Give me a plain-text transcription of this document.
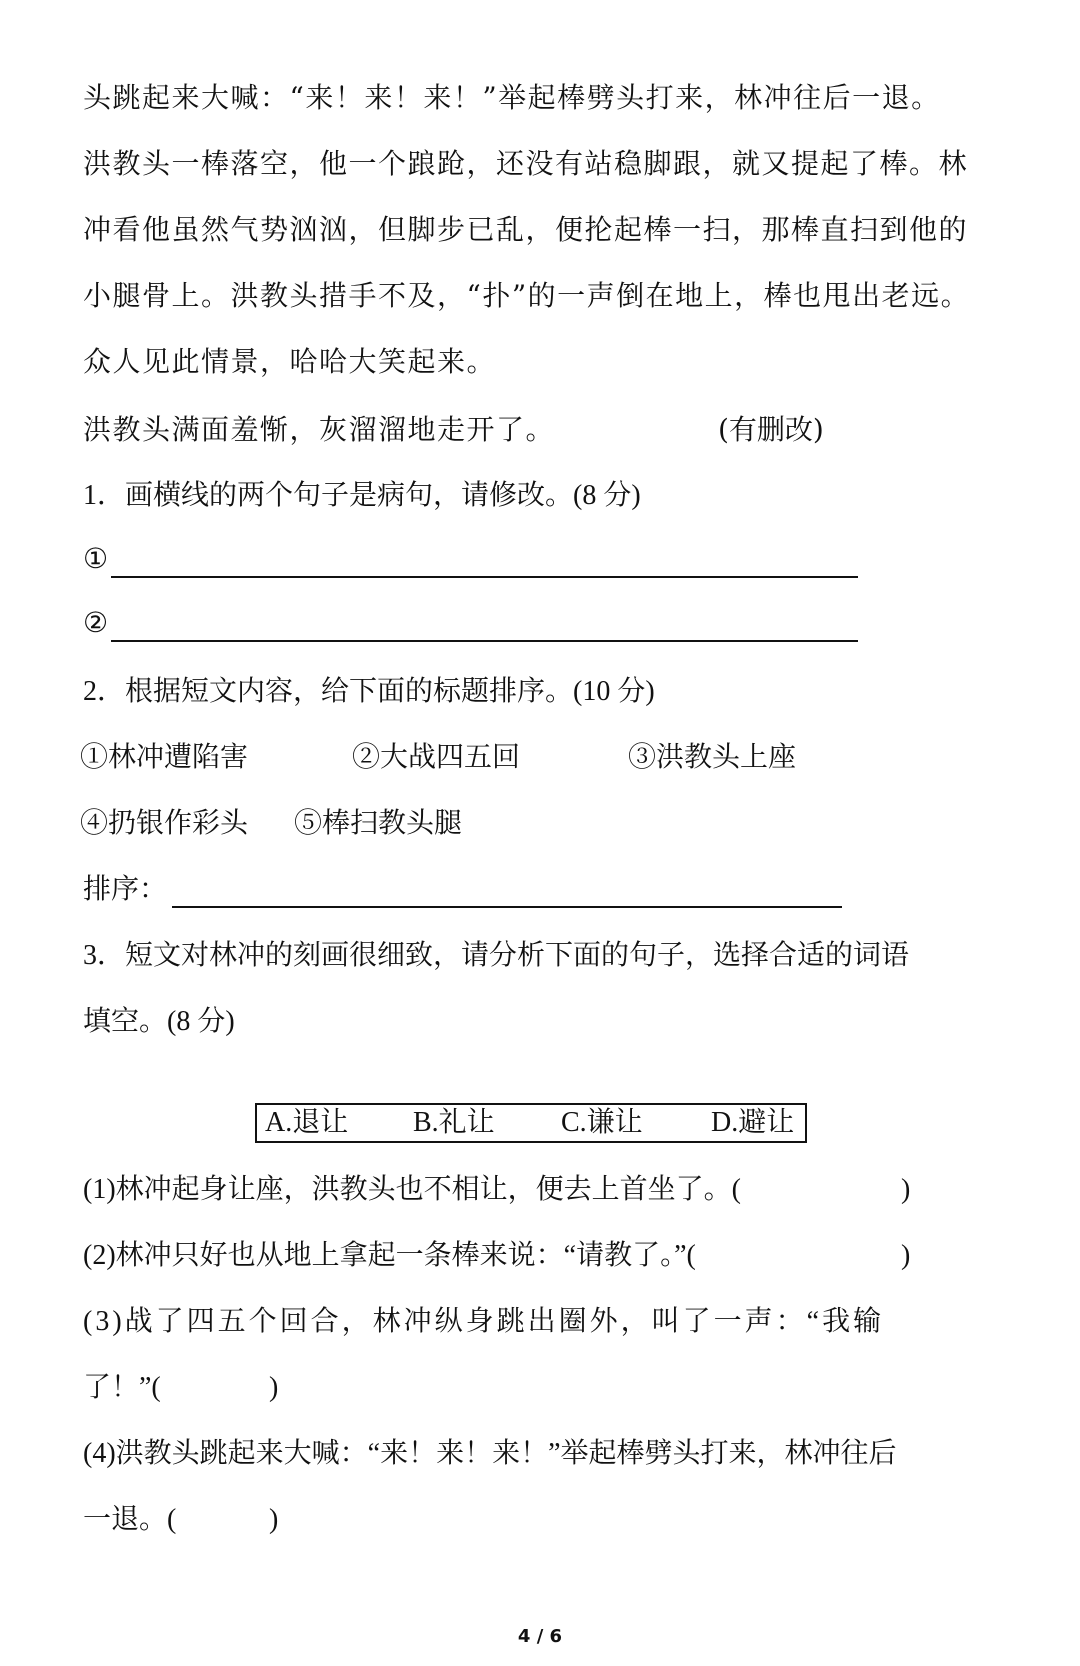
头跳起来大喊：“来！来！来！”举起棒劈头打来，林冲往后一退。
洪教头一棒落空，他一个踉跄，还没有站稳脚跟，就又提起了棒。林
冲看他虽然气势汹汹，但脚步已乱，便抡起棒一扫，那棒直扫到他的
小腿骨上。洪教头措手不及，“扑”的一声倒在地上，棒也甩出老远。
众人见此情景，哈哈大笑起来。
洪教头满面羞惭，灰溜溜地走开了。	(有删改)
1．画横线的两个句子是病句，请修改。(8 分)
①
②
2．根据短文内容，给下面的标题排序。(10 分)
①林冲遭陷害	②大战四五回	③洪教头上座
④扔银作彩头 ⑤棒扫教头腿
排序：
3．短文对林冲的刻画很细致，请分析下面的句子，选择合适的词语
填空。(8 分)
A.退让 B.礼让 C.谦让 D.避让
(1)林冲起身让座，洪教头也不相让，便去上首坐了。(	)
(2)林冲只好也从地上拿起一条棒来说：“请教了。”(	)
(3)战了四五个回合，林冲纵身跳出圈外，叫了一声：“我输
了！”(	)
(4)洪教头跳起来大喊：“来！来！来！”举起棒劈头打来，林冲往后
一退。(	)
4 / 6
